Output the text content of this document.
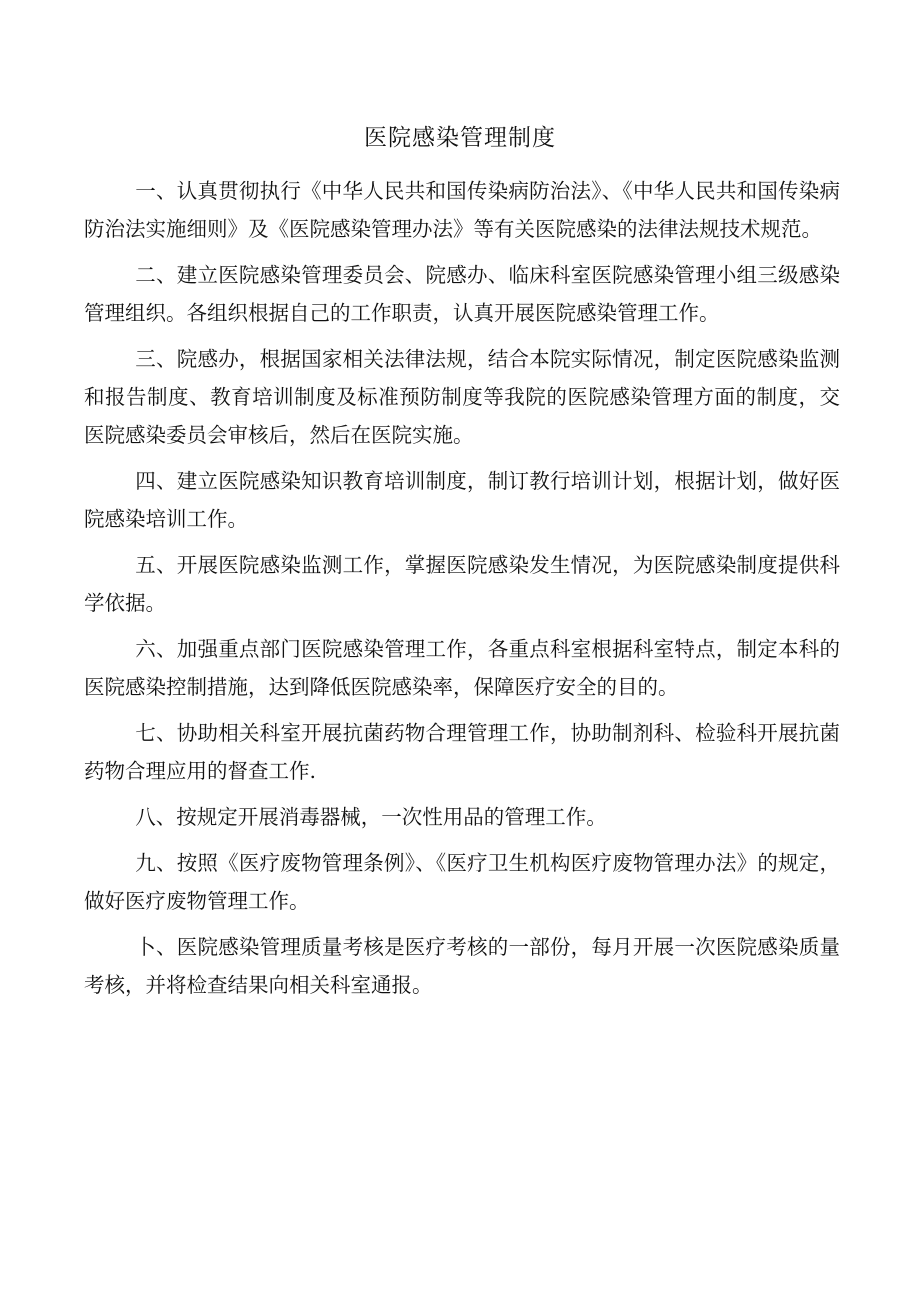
医院感染管理制度

一、认真贯彻执行《中华人民共和国传染病防治法》、《中华人民共和国传染病防治法实施细则》及《医院感染管理办法》等有关医院感染的法律法规技术规范。

二、建立医院感染管理委员会、院感办、临床科室医院感染管理小组三级感染管理组织。各组织根据自己的工作职责，认真开展医院感染管理工作。

三、院感办，根据国家相关法律法规，结合本院实际情况，制定医院感染监测和报告制度、教育培训制度及标准预防制度等我院的医院感染管理方面的制度，交医院感染委员会审核后，然后在医院实施。

四、建立医院感染知识教育培训制度，制订教行培训计划，根据计划，做好医院感染培训工作。

五、开展医院感染监测工作，掌握医院感染发生情况，为医院感染制度提供科学依据。

六、加强重点部门医院感染管理工作，各重点科室根据科室特点，制定本科的医院感染控制措施，达到降低医院感染率，保障医疗安全的目的。

七、协助相关科室开展抗菌药物合理管理工作，协助制剂科、检验科开展抗菌药物合理应用的督查工作.

八、按规定开展消毒器械，一次性用品的管理工作。

九、按照《医疗废物管理条例》、《医疗卫生机构医疗废物管理办法》的规定，做好医疗废物管理工作。

卜、医院感染管理质量考核是医疗考核的一部份，每月开展一次医院感染质量考核，并将检查结果向相关科室通报。
